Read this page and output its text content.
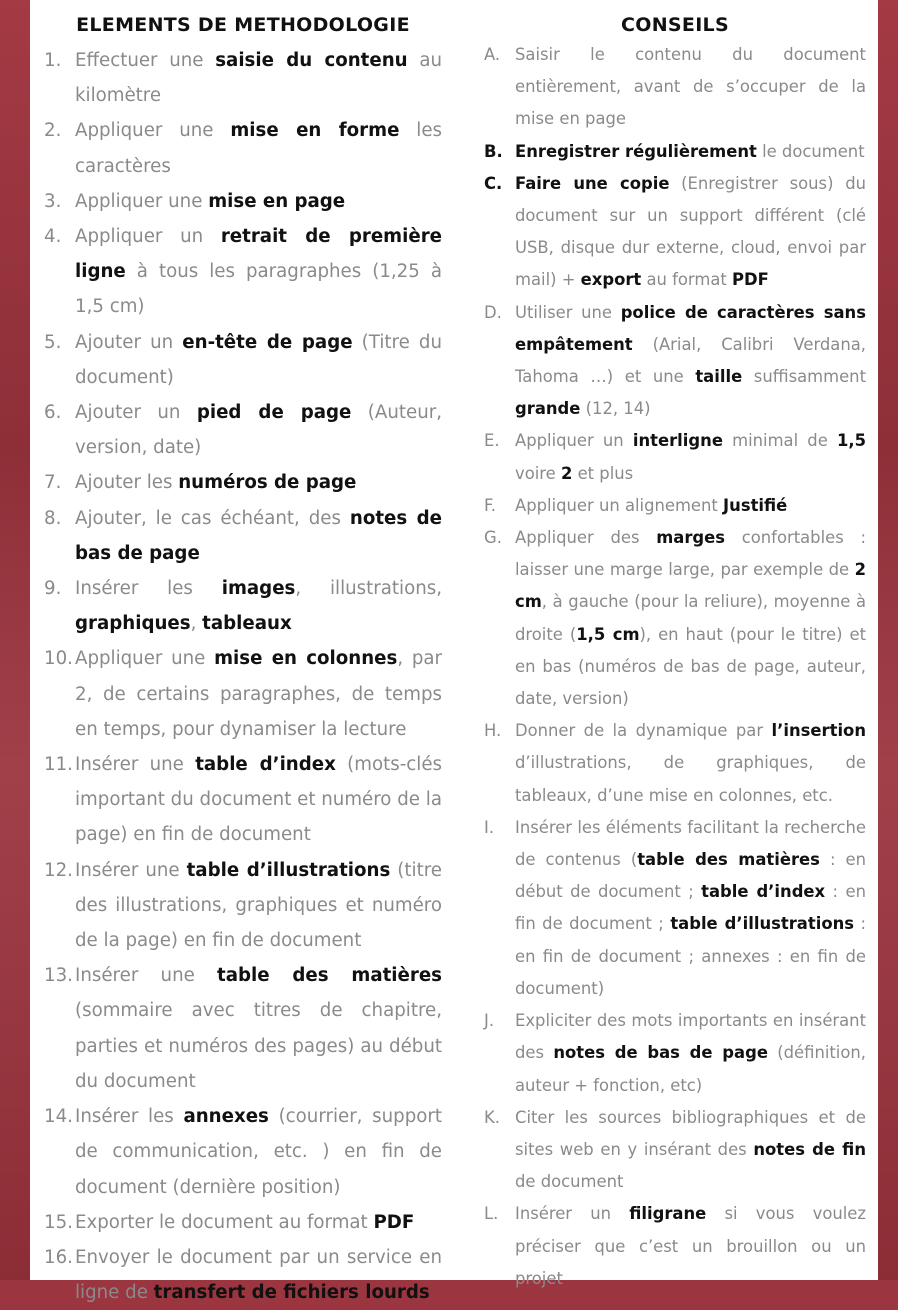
ELEMENTS DE METHODOLOGIE
1. Effectuer une saisie du contenu au kilomètre
2. Appliquer une mise en forme les caractères
3. Appliquer une mise en page
4. Appliquer un retrait de première ligne à tous les paragraphes (1,25 à 1,5 cm)
5. Ajouter un en-tête de page (Titre du document)
6. Ajouter un pied de page (Auteur, version, date)
7. Ajouter les numéros de page
8. Ajouter, le cas échéant, des notes de bas de page
9. Insérer les images, illustrations, graphiques, tableaux
10. Appliquer une mise en colonnes, par 2, de certains paragraphes, de temps en temps, pour dynamiser la lecture
11. Insérer une table d’index (mots-clés important du document et numéro de la page) en fin de document
12. Insérer une table d’illustrations (titre des illustrations, graphiques et numéro de la page) en fin de document
13. Insérer une table des matières (sommaire avec titres de chapitre, parties et numéros des pages) au début du document
14. Insérer les annexes (courrier, support de communication, etc. ) en fin de document (dernière position)
15. Exporter le document au format PDF
16. Envoyer le document par un service en ligne de transfert de fichiers lourds
CONSEILS
A. Saisir le contenu du document entièrement, avant de s’occuper de la mise en page
B. Enregistrer régulièrement le document
C. Faire une copie (Enregistrer sous) du document sur un support différent (clé USB, disque dur externe, cloud, envoi par mail) + export au format PDF
D. Utiliser une police de caractères sans empâtement (Arial, Calibri Verdana, Tahoma …) et une taille suffisamment grande (12, 14)
E. Appliquer un interligne minimal de 1,5 voire 2 et plus
F. Appliquer un alignement Justifié
G. Appliquer des marges confortables : laisser une marge large, par exemple de 2 cm, à gauche (pour la reliure), moyenne à droite (1,5 cm), en haut (pour le titre) et en bas (numéros de bas de page, auteur, date, version)
H. Donner de la dynamique par l’insertion d’illustrations, de graphiques, de tableaux, d’une mise en colonnes, etc.
I. Insérer les éléments facilitant la recherche de contenus (table des matières : en début de document ; table d’index : en fin de document ; table d’illustrations : en fin de document ; annexes : en fin de document)
J. Expliciter des mots importants en insérant des notes de bas de page (définition, auteur + fonction, etc)
K. Citer les sources bibliographiques et de sites web en y insérant des notes de fin de document
L. Insérer un filigrane si vous voulez préciser que c’est un brouillon ou un projet
